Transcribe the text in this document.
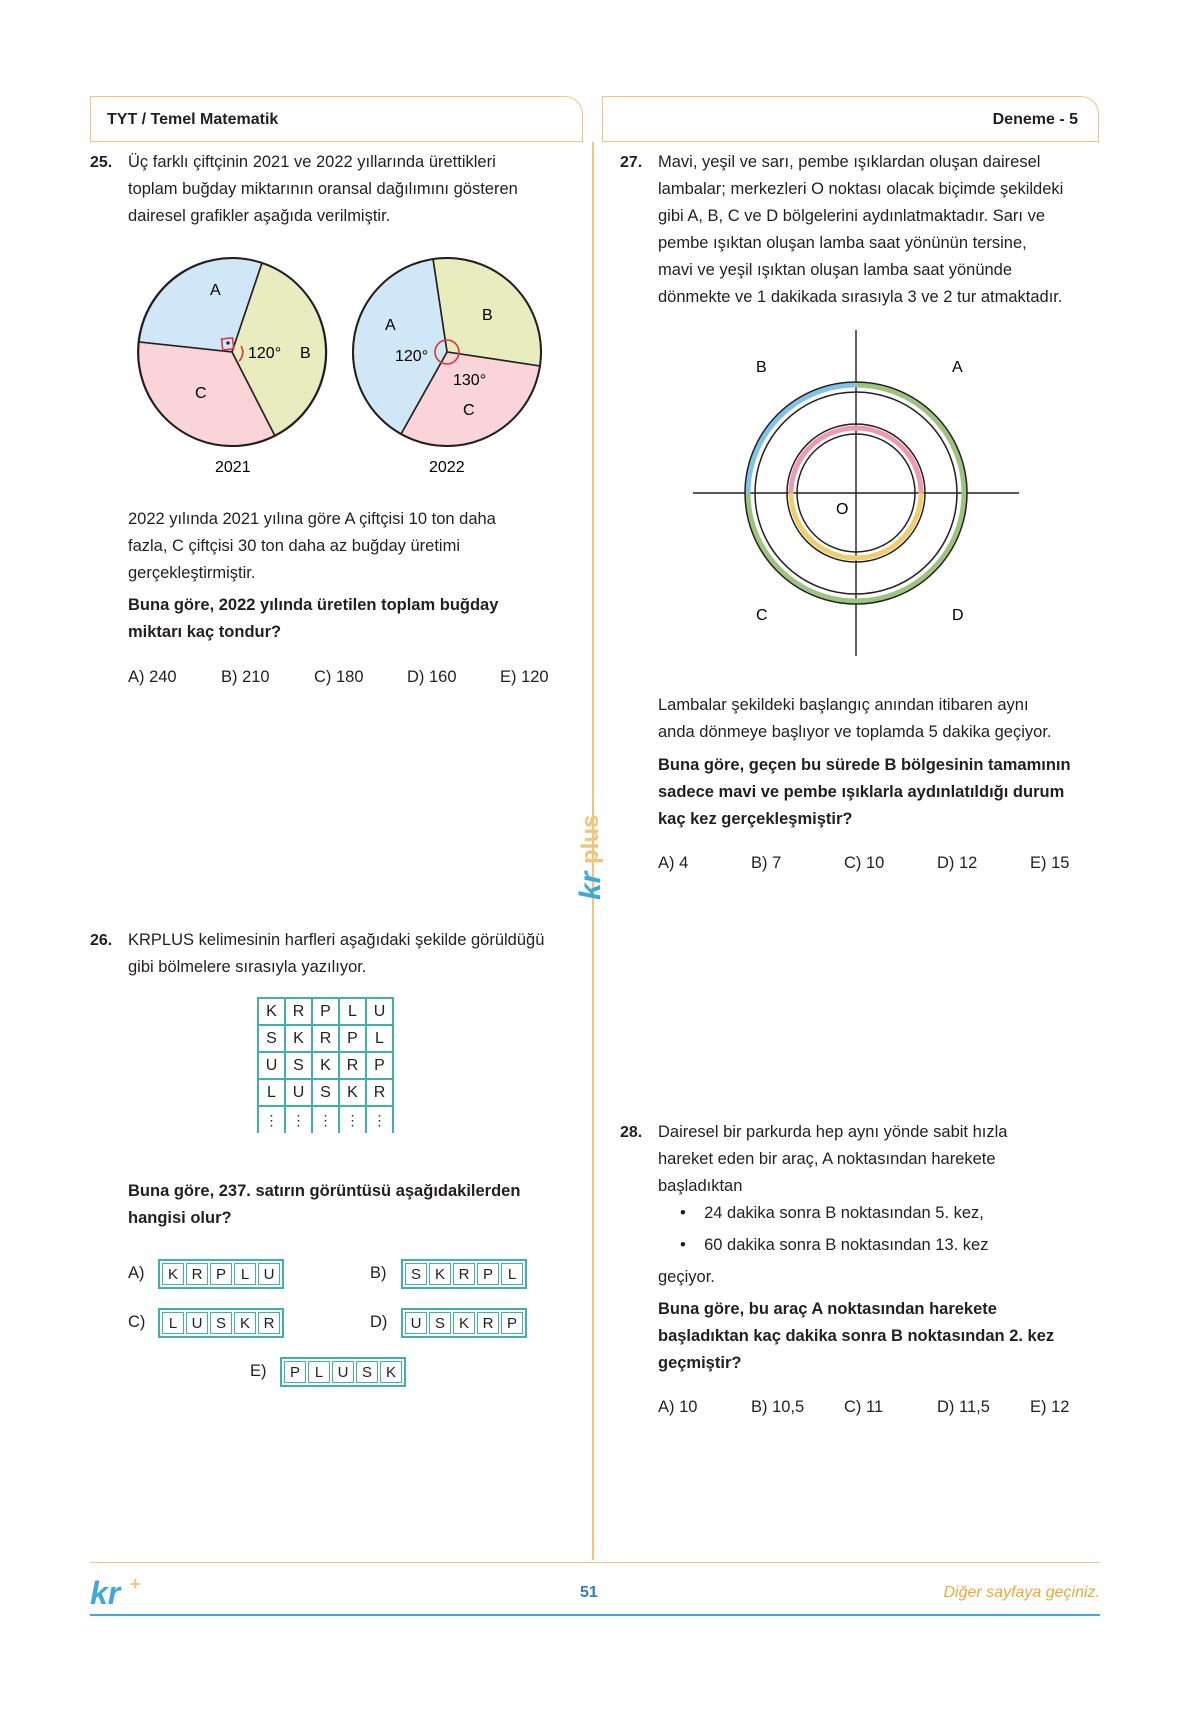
TYT / Temel Matematik	Deneme - 5
kr
plus
25. Üç farklı çiftçinin 2021 ve 2022 yıllarında ürettikleri
toplam buğday miktarının oransal dağılımını gösteren
dairesel grafikler aşağıda verilmiştir.
A
120° B
C
2021
A
B
120°
130°
C
2022
2022 yılında 2021 yılına göre A çiftçisi 10 ton daha
fazla, C çiftçisi 30 ton daha az buğday üretimi
gerçekleştirmiştir.
Buna göre, 2022 yılında üretilen toplam buğday
miktarı kaç tondur?
A) 240	B) 210	C) 180	D) 160	E) 120
26. KRPLUS kelimesinin harfleri aşağıdaki şekilde görüldüğü
gibi bölmelere sırasıyla yazılıyor.
K	R	P	L	U
S	K	R	P	L
U	S	K	R	P
L	U	S	K	R
⋮	⋮	⋮	⋮	⋮
Buna göre, 237. satırın görüntüsü aşağıdakilerden
hangisi olur?
A)	K R P L U	B)	S K R P L
C)	L U S K R	D)	U S K R P
E)	P L U S K
27. Mavi, yeşil ve sarı, pembe ışıklardan oluşan dairesel
lambalar; merkezleri O noktası olacak biçimde şekildeki
gibi A, B, C ve D bölgelerini aydınlatmaktadır. Sarı ve
pembe ışıktan oluşan lamba saat yönünün tersine,
mavi ve yeşil ışıktan oluşan lamba saat yönünde
dönmekte ve 1 dakikada sırasıyla 3 ve 2 tur atmaktadır.
B	A
O
C	D
Lambalar şekildeki başlangıç anından itibaren aynı
anda dönmeye başlıyor ve toplamda 5 dakika geçiyor.
Buna göre, geçen bu sürede B bölgesinin tamamının
sadece mavi ve pembe ışıklarla aydınlatıldığı durum
kaç kez gerçekleşmiştir?
A) 4	B) 7	C) 10	D) 12	E) 15
28. Dairesel bir parkurda hep aynı yönde sabit hızla
hareket eden bir araç, A noktasından harekete
başladıktan
•    24 dakika sonra B noktasından 5. kez,
•    60 dakika sonra B noktasından 13. kez
geçiyor.
Buna göre, bu araç A noktasından harekete
başladıktan kaç dakika sonra B noktasından 2. kez
geçmiştir?
A) 10	B) 10,5	C) 11	D) 11,5	E) 12
kr +	51	Diğer sayfaya geçiniz.
